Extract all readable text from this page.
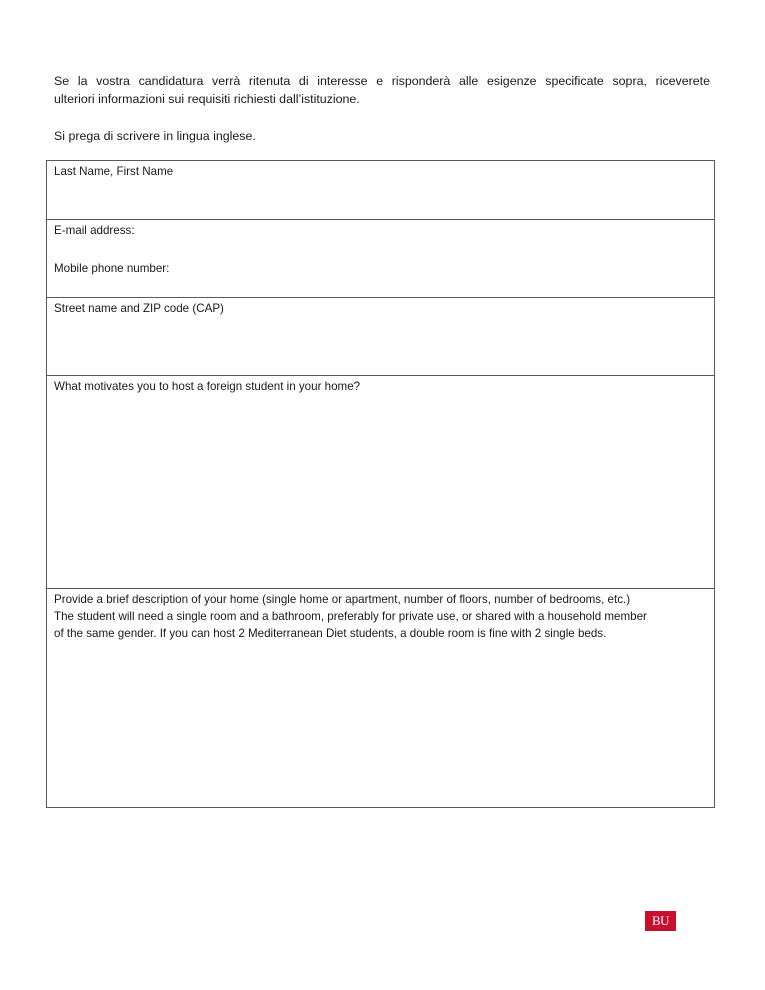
Se la vostra candidatura verrà ritenuta di interesse e risponderà alle esigenze specificate sopra, riceverete
ulteriori informazioni sui requisiti richiesti dall’istituzione.

Si prega di scrivere in lingua inglese.

Last Name, First Name

E-mail address:
Mobile phone number:

Street name and ZIP code (CAP)

What motivates you to host a foreign student in your home?

Provide a brief description of your home (single home or apartment, number of floors, number of bedrooms, etc.)
The student will need a single room and a bathroom, preferably for private use, or shared with a household member
of the same gender. If you can host 2 Mediterranean Diet students, a double room is fine with 2 single beds.
BU
